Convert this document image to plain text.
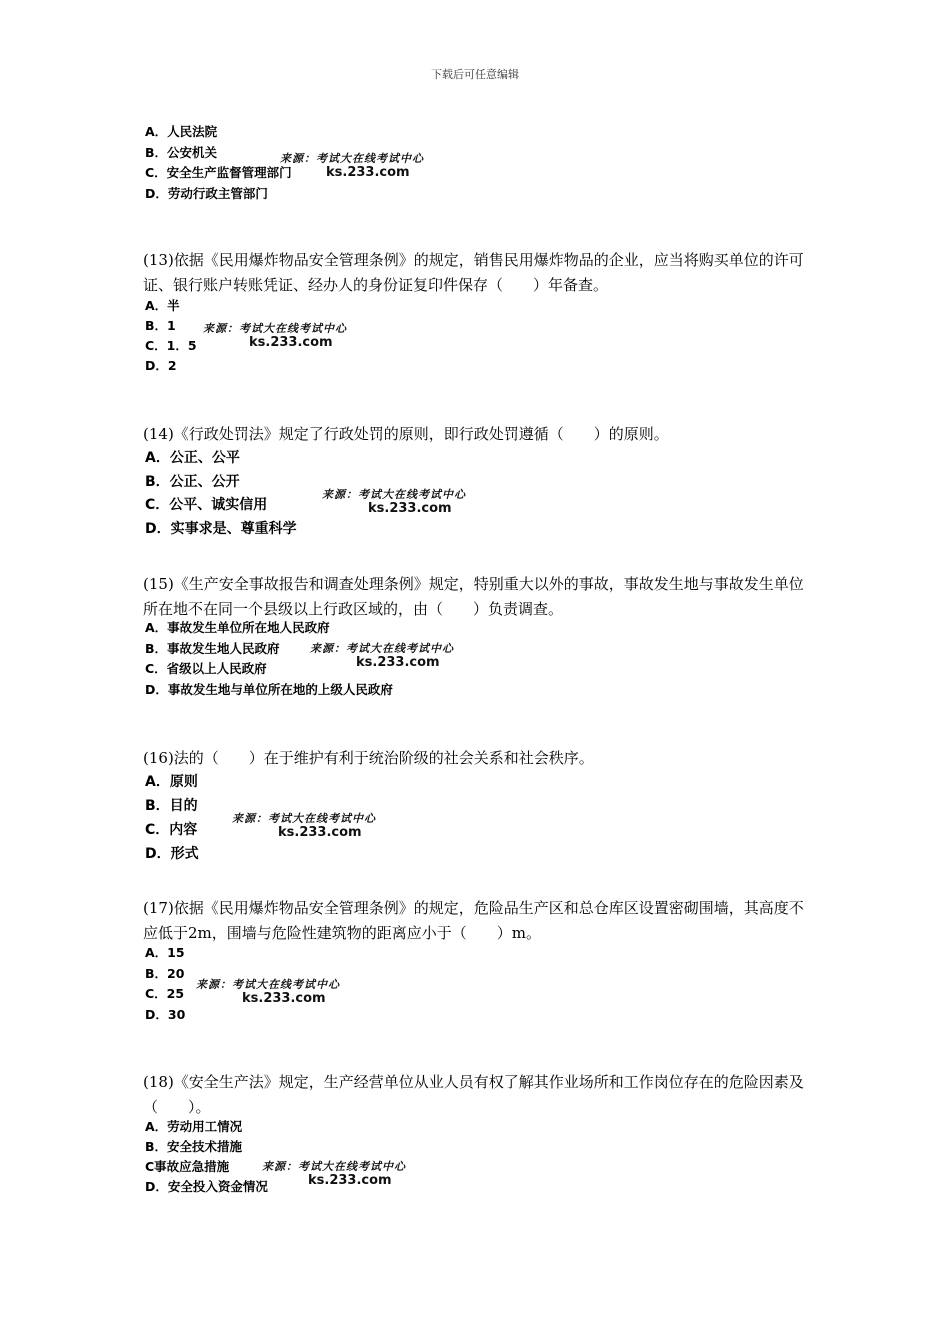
下载后可任意编辑
A．人民法院
B．公安机关
C．安全生产监督管理部门
D．劳动行政主管部门
来源：考试大在线考试中心
ks.233.com
(13)依据《民用爆炸物品安全管理条例》的规定，销售民用爆炸物品的企业，应当将购买单位的许可证、银行账户转账凭证、经办人的身份证复印件保存（　　）年备查。
A．半
B．1
C．1．5
D．2
来源：考试大在线考试中心
ks.233.com
(14)《行政处罚法》规定了行政处罚的原则，即行政处罚遵循（　　）的原则。
A．公正、公平
B．公正、公开
C．公平、诚实信用
D．实事求是、尊重科学
来源：考试大在线考试中心
ks.233.com
(15)《生产安全事故报告和调查处理条例》规定，特别重大以外的事故，事故发生地与事故发生单位所在地不在同一个县级以上行政区域的，由（　　）负责调查。
A．事故发生单位所在地人民政府
B．事故发生地人民政府
C．省级以上人民政府
D．事故发生地与单位所在地的上级人民政府
来源：考试大在线考试中心
ks.233.com
(16)法的（　　）在于维护有利于统治阶级的社会关系和社会秩序。
A．原则
B．目的
C．内容
D．形式
来源：考试大在线考试中心
ks.233.com
(17)依据《民用爆炸物品安全管理条例》的规定，危险品生产区和总仓库区设置密砌围墙，其高度不应低于2m，围墙与危险性建筑物的距离应小于（　　）m。
A．15
B．20
C．25
D．30
来源：考试大在线考试中心
ks.233.com
(18)《安全生产法》规定，生产经营单位从业人员有权了解其作业场所和工作岗位存在的危险因素及（　　）。
A．劳动用工情况
B．安全技术措施
C事故应急措施
D．安全投入资金情况
来源：考试大在线考试中心
ks.233.com
